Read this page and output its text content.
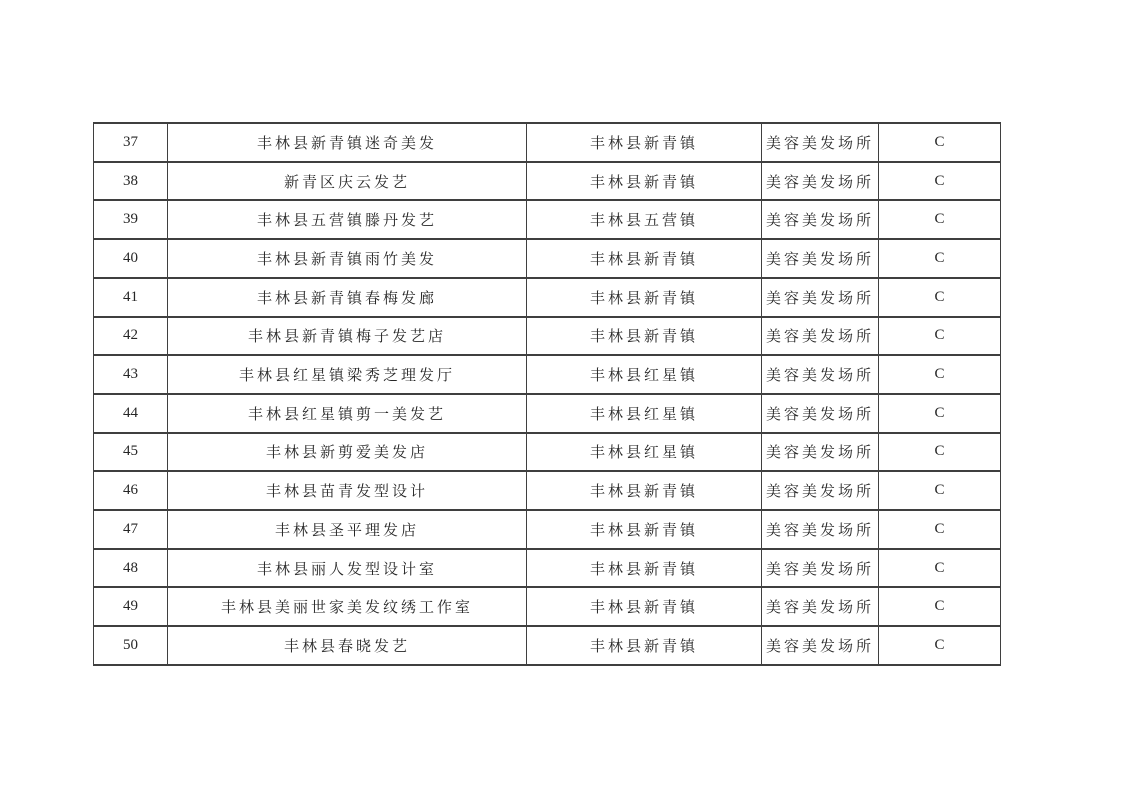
37	丰林县新青镇迷奇美发	丰林县新青镇	美容美发场所	C
38	新青区庆云发艺	丰林县新青镇	美容美发场所	C
39	丰林县五营镇滕丹发艺	丰林县五营镇	美容美发场所	C
40	丰林县新青镇雨竹美发	丰林县新青镇	美容美发场所	C
41	丰林县新青镇春梅发廊	丰林县新青镇	美容美发场所	C
42	丰林县新青镇梅子发艺店	丰林县新青镇	美容美发场所	C
43	丰林县红星镇梁秀芝理发厅	丰林县红星镇	美容美发场所	C
44	丰林县红星镇剪一美发艺	丰林县红星镇	美容美发场所	C
45	丰林县新剪爱美发店	丰林县红星镇	美容美发场所	C
46	丰林县苗青发型设计	丰林县新青镇	美容美发场所	C
47	丰林县圣平理发店	丰林县新青镇	美容美发场所	C
48	丰林县丽人发型设计室	丰林县新青镇	美容美发场所	C
49	丰林县美丽世家美发纹绣工作室	丰林县新青镇	美容美发场所	C
50	丰林县春晓发艺	丰林县新青镇	美容美发场所	C
